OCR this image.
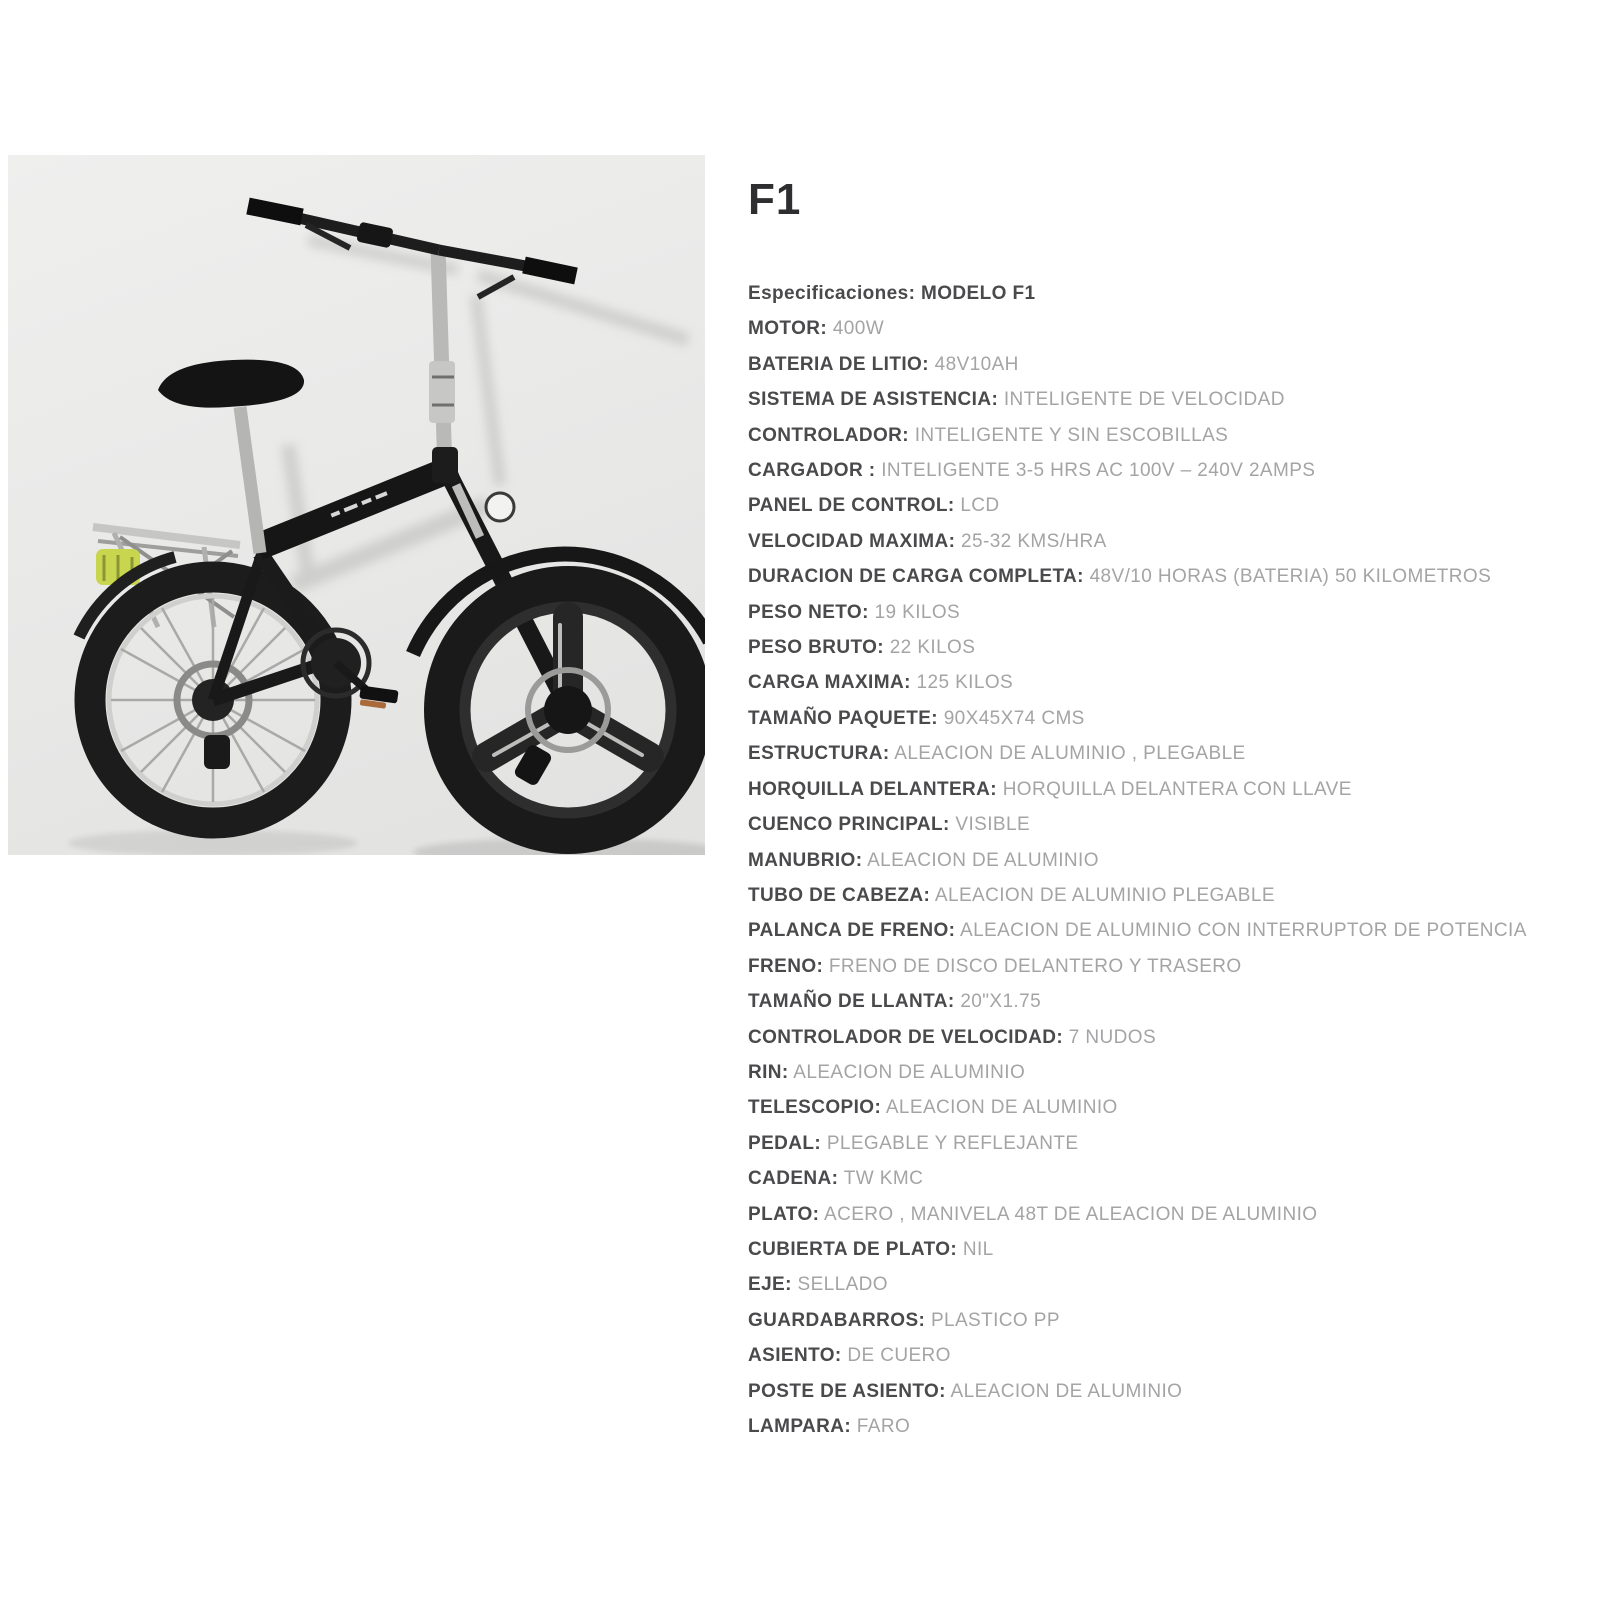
F1
Especificaciones: MODELO F1
MOTOR: 400W
BATERIA DE LITIO: 48V10AH
SISTEMA DE ASISTENCIA: INTELIGENTE DE VELOCIDAD
CONTROLADOR: INTELIGENTE Y SIN ESCOBILLAS
CARGADOR : INTELIGENTE 3-5 HRS AC 100V – 240V 2AMPS
PANEL DE CONTROL: LCD
VELOCIDAD MAXIMA: 25-32 KMS/HRA
DURACION DE CARGA COMPLETA: 48V/10 HORAS (BATERIA) 50 KILOMETROS
PESO NETO: 19 KILOS
PESO BRUTO: 22 KILOS
CARGA MAXIMA: 125 KILOS
TAMAÑO PAQUETE: 90X45X74 CMS
ESTRUCTURA: ALEACION DE ALUMINIO , PLEGABLE
HORQUILLA DELANTERA: HORQUILLA DELANTERA CON LLAVE
CUENCO PRINCIPAL: VISIBLE
MANUBRIO: ALEACION DE ALUMINIO
TUBO DE CABEZA: ALEACION DE ALUMINIO PLEGABLE
PALANCA DE FRENO: ALEACION DE ALUMINIO CON INTERRUPTOR DE POTENCIA
FRENO: FRENO DE DISCO DELANTERO Y TRASERO
TAMAÑO DE LLANTA: 20"X1.75
CONTROLADOR DE VELOCIDAD: 7 NUDOS
RIN: ALEACION DE ALUMINIO
TELESCOPIO: ALEACION DE ALUMINIO
PEDAL: PLEGABLE Y REFLEJANTE
CADENA: TW KMC
PLATO: ACERO , MANIVELA 48T DE ALEACION DE ALUMINIO
CUBIERTA DE PLATO: NIL
EJE: SELLADO
GUARDABARROS: PLASTICO PP
ASIENTO: DE CUERO
POSTE DE ASIENTO: ALEACION DE ALUMINIO
LAMPARA: FARO
